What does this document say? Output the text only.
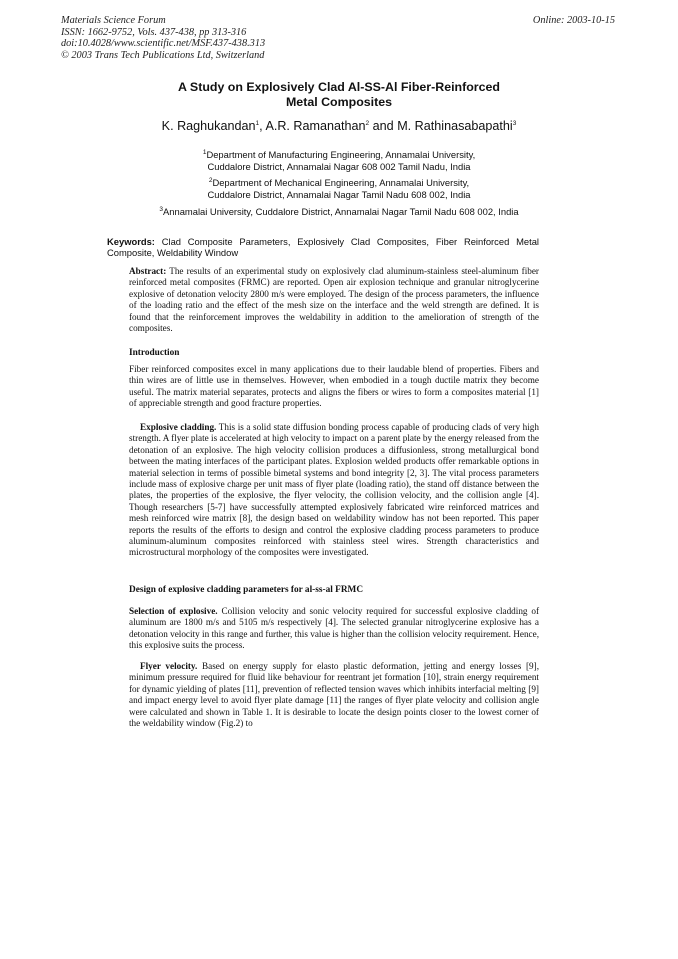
Materials Science Forum
ISSN: 1662-9752, Vols. 437-438, pp 313-316
doi:10.4028/www.scientific.net/MSF.437-438.313
© 2003 Trans Tech Publications Ltd, Switzerland
Online: 2003-10-15
A Study on Explosively Clad Al-SS-Al Fiber-Reinforced
Metal Composites
K. Raghukandan$^1$, A.R. Ramanathan$^2$ and M. Rathinasabapathi$^3$
$^1$Department of Manufacturing Engineering, Annamalai University,
Cuddalore District, Annamalai Nagar 608 002 Tamil Nadu, India
$^2$Department of Mechanical Engineering, Annamalai University,
Cuddalore District, Annamalai Nagar Tamil Nadu 608 002, India
$^3$Annamalai University, Cuddalore District, Annamalai Nagar Tamil Nadu 608 002, India
Keywords: Clad Composite Parameters, Explosively Clad Composites, Fiber Reinforced Metal Composite, Weldability Window
Abstract: The results of an experimental study on explosively clad aluminum-stainless steel-aluminum fiber reinforced metal composites (FRMC) are reported. Open air explosion technique and granular nitroglycerine explosive of detonation velocity 2800 m/s were employed. The design of the process parameters, the influence of the loading ratio and the effect of the mesh size on the interface and the weld strength are defined. It is found that the reinforcement improves the weldability in addition to the amelioration of strength of the composites.
Introduction
Fiber reinforced composites excel in many applications due to their laudable blend of properties. Fibers and thin wires are of little use in themselves. However, when embodied in a tough ductile matrix they become useful. The matrix material separates, protects and aligns the fibers or wires to form a composites material [1] of appreciable strength and good fracture properties.
Explosive cladding. This is a solid state diffusion bonding process capable of producing clads of very high strength. A flyer plate is accelerated at high velocity to impact on a parent plate by the energy released from the detonation of an explosive. The high velocity collision produces a diffusionless, strong metallurgical bond between the mating interfaces of the participant plates. Explosion welded products offer remarkable options in material selection in terms of possible bimetal systems and bond integrity [2, 3]. The vital process parameters include mass of explosive charge per unit mass of flyer plate (loading ratio), the stand off distance between the plates, the properties of the explosive, the flyer velocity, the collision velocity, and the collision angle [4]. Though researchers [5-7] have successfully attempted explosively fabricated wire reinforced matrices and mesh reinforced wire matrix [8], the design based on weldability window has not been reported. This paper reports the results of the efforts to design and control the explosive cladding process parameters to produce aluminum-aluminum composites reinforced with stainless steel wires. Strength characteristics and microstructural morphology of the composites were investigated.
Design of explosive cladding parameters for al-ss-al FRMC
Selection of explosive. Collision velocity and sonic velocity required for successful explosive cladding of aluminum are 1800 m/s and 5105 m/s respectively [4]. The selected granular nitroglycerine explosive has a detonation velocity in this range and further, this value is higher than the collision velocity requirement. Hence, this explosive suits the process.
Flyer velocity. Based on energy supply for elasto plastic deformation, jetting and energy losses [9], minimum pressure required for fluid like behaviour for reentrant jet formation [10], strain energy requirement for dynamic yielding of plates [11], prevention of reflected tension waves which inhibits interfacial melting [9] and impact energy level to avoid flyer plate damage [11] the ranges of flyer plate velocity and collision angle were calculated and shown in Table 1. It is desirable to locate the design points closer to the lowest corner of the weldability window (Fig.2) to
